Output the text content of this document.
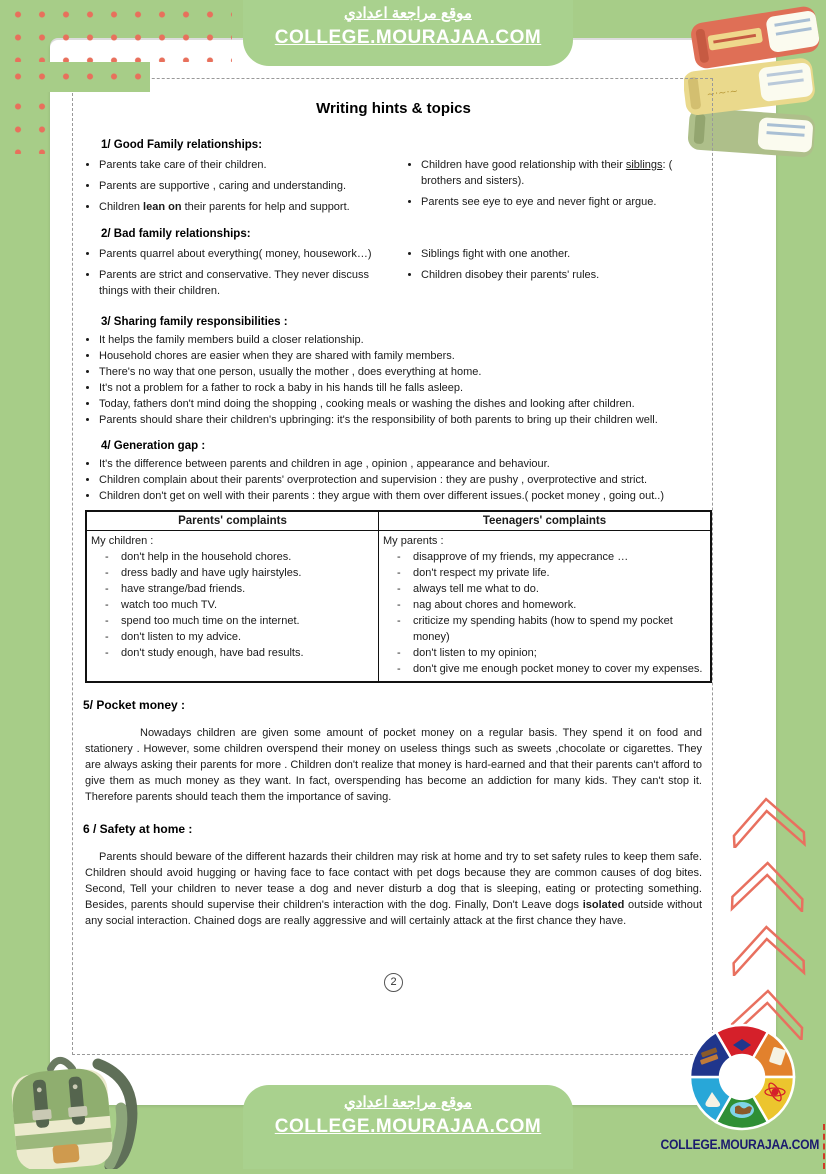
موقع مراجعة اعدادي
COLLEGE.MOURAJAA.COM
~·~·~
Writing hints & topics
1/ Good Family relationships:
• Parents take care of their children.
• Parents are supportive , caring and understanding.
• Children lean on their parents for help and support.
• Children have good relationship with their siblings: ( brothers and sisters).
• Parents see eye to eye and never fight or argue.
2/ Bad family relationships:
• Parents quarrel about everything( money, housework…)
• Parents are strict and conservative. They never discuss things with their children.
• Siblings fight with one another.
• Children disobey their parents' rules.
3/ Sharing family responsibilities :
• It helps the family members build a closer relationship.
• Household chores are easier when they are shared with family members.
• There's no way that one person, usually the mother , does everything at home.
• It's not a problem for a father to rock a baby in his hands till he falls asleep.
• Today, fathers don't mind doing the shopping , cooking meals or washing the dishes and looking after children.
• Parents should share their children's upbringing: it's the responsibility of both parents to bring up their children well.
4/ Generation gap :
• It's the difference between parents and children in age , opinion , appearance and behaviour.
• Children complain about their parents' overprotection and supervision : they are pushy , overprotective and strict.
• Children don't get on well with their parents : they argue with them over different issues.( pocket money , going out..)
Parents' complaints	Teenagers' complaints

My children :
- don't help in the household chores.
- dress badly and have ugly hairstyles.
- have strange/bad friends.
- watch too much TV.
- spend too much time on the internet.
- don't listen to my advice.
- don't study enough, have bad results.

My parents :
- disapprove of my friends, my appecrance …
- don't respect my private life.
- always tell me what to do.
- nag about chores and homework.
- criticize my spending habits (how to spend my pocket money)
- don't listen to my opinion;
- don't give me enough pocket money to cover my expenses.
5/ Pocket money :

Nowadays children are given some amount of pocket money on a regular basis. They spend it on food and stationery . However, some children overspend their money on useless things such as sweets ,chocolate or cigarettes. They are always asking their parents for more . Children don't realize that money is hard-earned and that their parents can't afford to give them as much money as they want. In fact, overspending has become an addiction for many kids. They can't stop it. Therefore parents should teach them the importance of saving.

6 / Safety at home :

Parents should beware of the different hazards their children may risk at home and try to set safety rules to keep them safe. Children should avoid hugging or having face to face contact with pet dogs because they are common causes of dog bites. Second, Tell your children to never tease a dog and never disturb a dog that is sleeping, eating or protecting something. Besides, parents should supervise their children's interaction with the dog. Finally, Don't Leave dogs isolated outside without any social interaction. Chained dogs are really aggressive and will certainly attack at the first chance they have.

2
موقع مراجعة اعدادي
COLLEGE.MOURAJAA.COM
COLLEGE.MOURAJAA.COM
